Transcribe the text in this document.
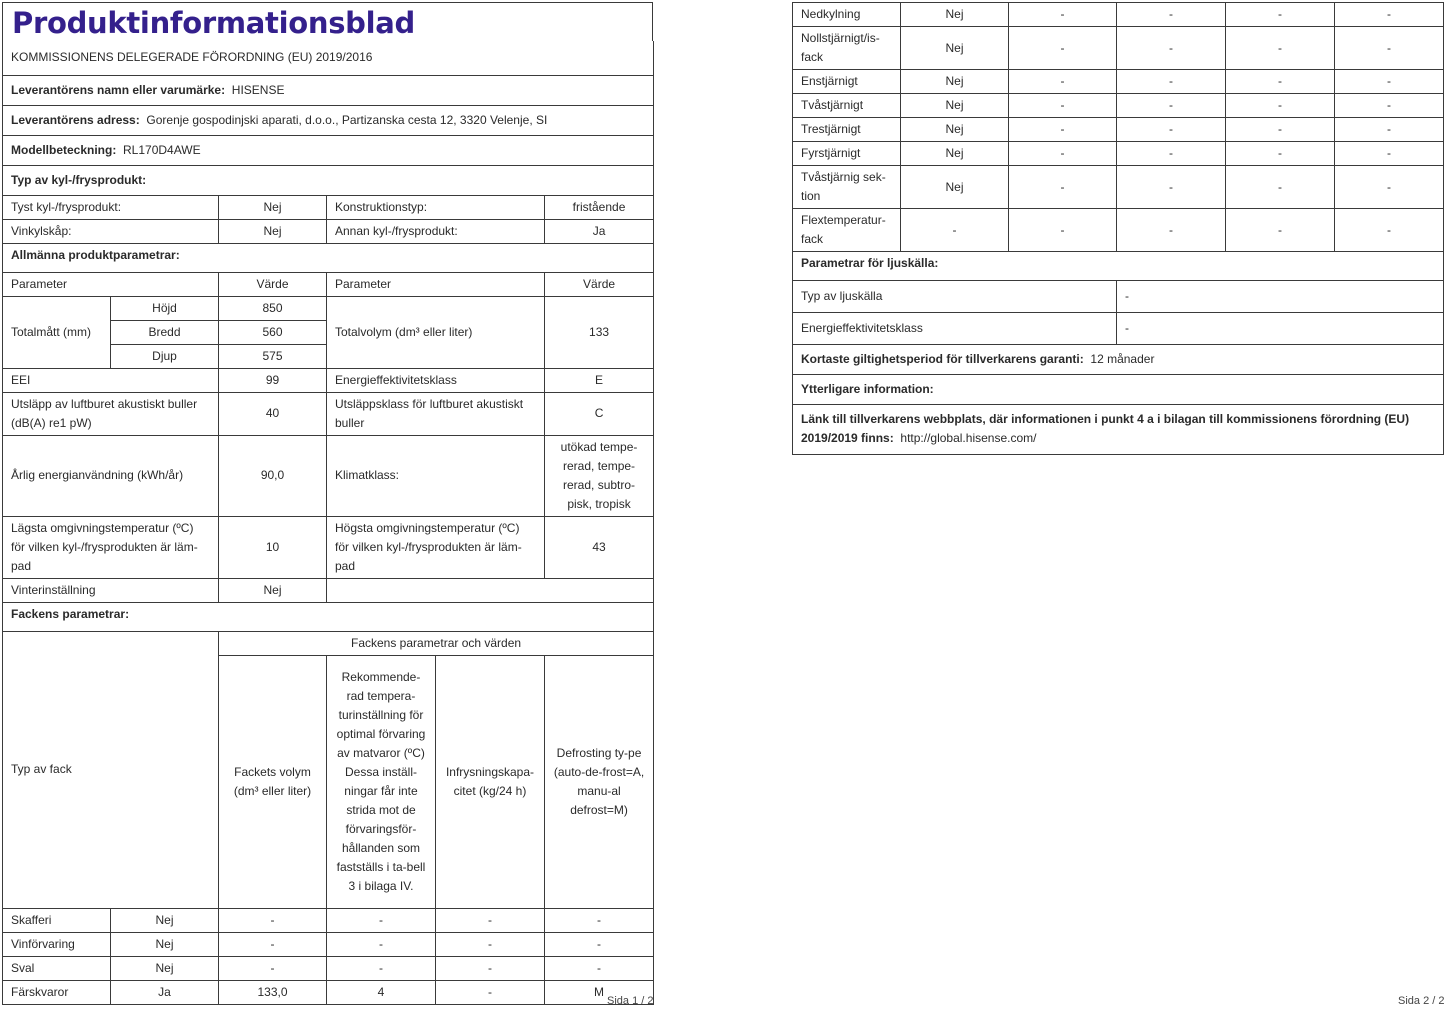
Produktinformationsblad
KOMMISSIONENS DELEGERADE FÖRORDNING (EU) 2019/2016					
Leverantörens namn eller varumärke: HISENSE					
Leverantörens adress: Gorenje gospodinjski aparati, d.o.o., Partizanska cesta 12, 3320 Velenje, SI					
Modellbeteckning: RL170D4AWE					
Typ av kyl-/frysprodukt:					
Tyst kyl-/frysprodukt:		Nej	Konstruktionstyp:		fristående
Vinkylskåp:		Nej	Annan kyl-/frysprodukt:		Ja
Allmänna produktparametrar:					
Parameter		Värde	Parameter		Värde
Totalmått (mm)	Höjd	850	Totalvolym (dm³ eller liter)		133
	Bredd	560			
	Djup	575			
EEI		99	Energieffektivitetsklass		E
Utsläpp av luftburet akustiskt buller (dB(A) re1 pW)		40	Utsläppsklass för luftburet akustiskt buller		C
Årlig energianvändning (kWh/år)		90,0	Klimatklass:		utökad tempe-rerad, tempe-rerad, subtro-pisk, tropisk
Lägsta omgivningstemperatur (ºC) för vilken kyl-/frysprodukten är läm-pad		10	Högsta omgivningstemperatur (ºC) för vilken kyl-/frysprodukten är läm-pad		43
Vinterinställning		Nej			
Fackens parametrar:					
Typ av fack		Fackens parametrar och värden			
		Fackets volym (dm³ eller liter)	Rekommende-rad tempera-turinställning för optimal förvaring av matvaror (ºC) Dessa inställ-ningar får inte strida mot de förvaringsför-hållanden som fastställs i ta-bell 3 i bilaga IV.	Infrysningskapa-citet (kg/24 h)	Defrosting ty-pe (auto-de-frost=A, manu-al defrost=M)
Skafferi	Nej	-	-	-	-
Vinförvaring	Nej	-	-	-	-
Sval	Nej	-	-	-	-
Färskvaror	Ja	133,0	4	-	M
Sida 1 / 2
Nedkylning	Nej	-	-	-	-
Nollstjärnigt/is-fack	Nej	-	-	-	-
Enstjärnigt	Nej	-	-	-	-
Tvåstjärnigt	Nej	-	-	-	-
Trestjärnigt	Nej	-	-	-	-
Fyrstjärnigt	Nej	-	-	-	-
Tvåstjärnig sek-tion	Nej	-	-	-	-
Flextemperatur-fack	-	-	-	-	-
Parametrar för ljuskälla:					
Typ av ljuskälla			-		
Energieffektivitetsklass			-		
Kortaste giltighetsperiod för tillverkarens garanti: 12 månader					
Ytterligare information:					
Länk till tillverkarens webbplats, där informationen i punkt 4 a i bilagan till kommissionens förordning (EU) 2019/2019 finns: http://global.hisense.com/					
Sida 2 / 2
